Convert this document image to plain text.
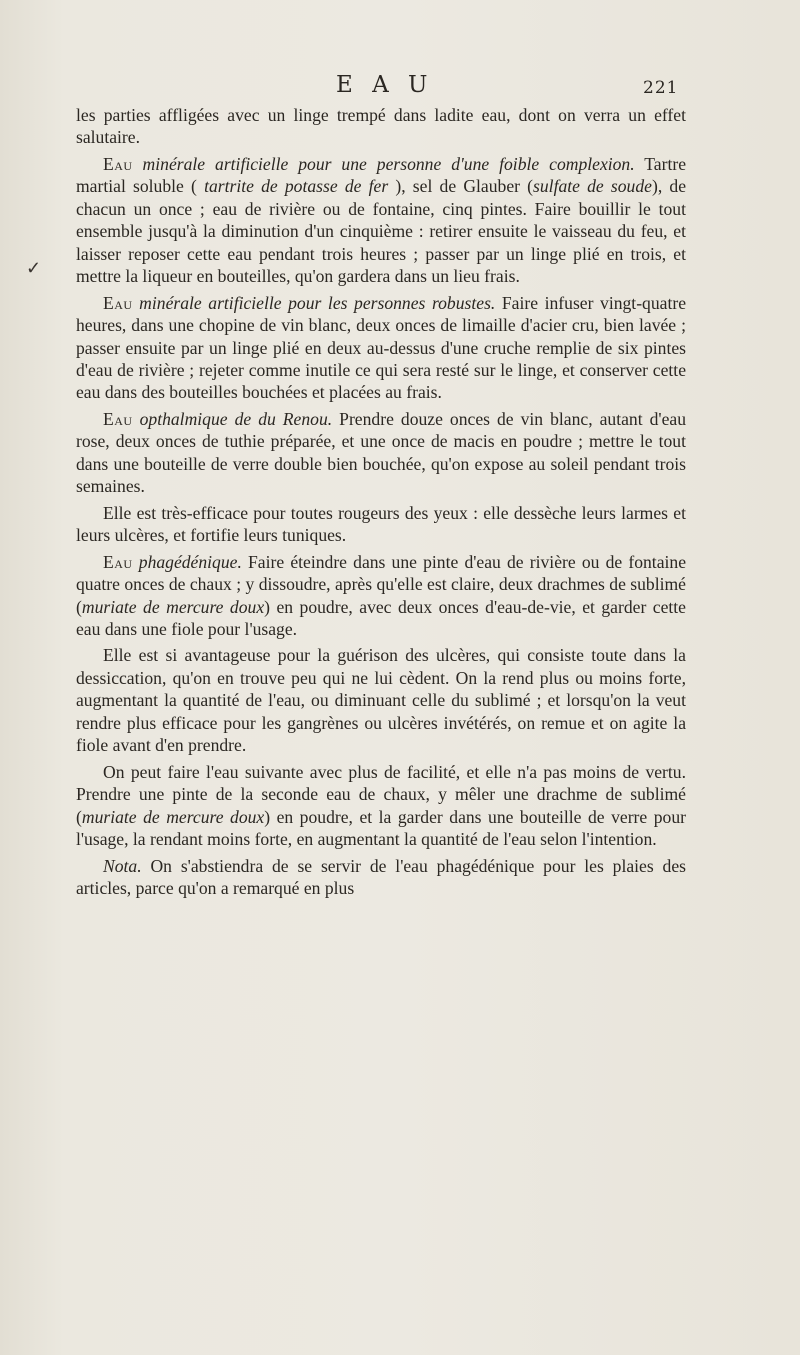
E A U	221
✓

les parties affligées avec un linge trempé dans ladite eau, dont on verra un effet salutaire.

Eau minérale artificielle pour une personne d'une foible complexion. Tartre martial soluble ( tartrite de potasse de fer ), sel de Glauber (sulfate de soude), de chacun un once ; eau de rivière ou de fontaine, cinq pintes. Faire bouillir le tout ensemble jusqu'à la diminution d'un cinquième : retirer ensuite le vaisseau du feu, et laisser reposer cette eau pendant trois heures ; passer par un linge plié en trois, et mettre la liqueur en bouteilles, qu'on gardera dans un lieu frais.

Eau minérale artificielle pour les personnes robustes. Faire infuser vingt-quatre heures, dans une chopine de vin blanc, deux onces de limaille d'acier cru, bien lavée ; passer ensuite par un linge plié en deux au-dessus d'une cruche remplie de six pintes d'eau de rivière ; rejeter comme inutile ce qui sera resté sur le linge, et conserver cette eau dans des bouteilles bouchées et placées au frais.

Eau opthalmique de du Renou. Prendre douze onces de vin blanc, autant d'eau rose, deux onces de tuthie préparée, et une once de macis en poudre ; mettre le tout dans une bouteille de verre double bien bouchée, qu'on expose au soleil pendant trois semaines.

Elle est très-efficace pour toutes rougeurs des yeux : elle dessèche leurs larmes et leurs ulcères, et fortifie leurs tuniques.

Eau phagédénique. Faire éteindre dans une pinte d'eau de rivière ou de fontaine quatre onces de chaux ; y dissoudre, après qu'elle est claire, deux drachmes de sublimé (muriate de mercure doux) en poudre, avec deux onces d'eau-de-vie, et garder cette eau dans une fiole pour l'usage.

Elle est si avantageuse pour la guérison des ulcères, qui consiste toute dans la dessiccation, qu'on en trouve peu qui ne lui cèdent. On la rend plus ou moins forte, augmentant la quantité de l'eau, ou diminuant celle du sublimé ; et lorsqu'on la veut rendre plus efficace pour les gangrènes ou ulcères invétérés, on remue et on agite la fiole avant d'en prendre.

On peut faire l'eau suivante avec plus de facilité, et elle n'a pas moins de vertu. Prendre une pinte de la seconde eau de chaux, y mêler une drachme de sublimé (muriate de mercure doux) en poudre, et la garder dans une bouteille de verre pour l'usage, la rendant moins forte, en augmentant la quantité de l'eau selon l'intention.

Nota. On s'abstiendra de se servir de l'eau phagédénique pour les plaies des articles, parce qu'on a remarqué en plus
